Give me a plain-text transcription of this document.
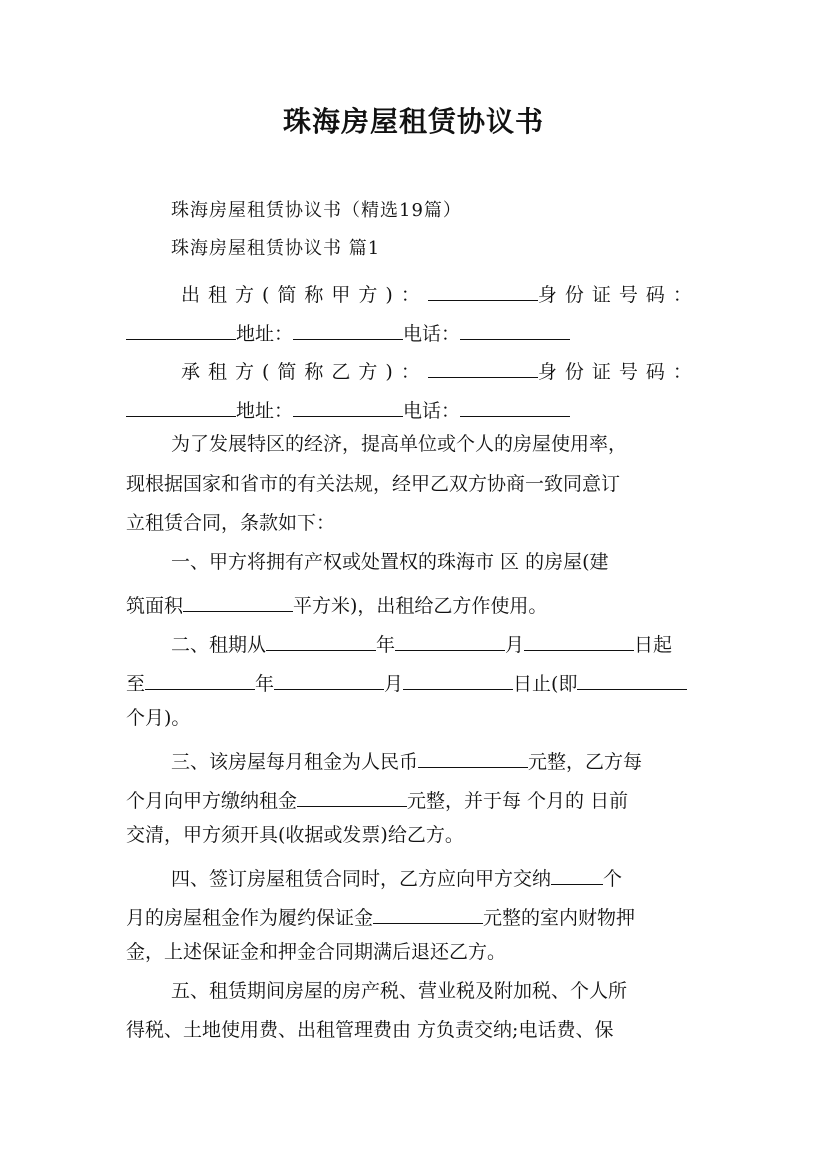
珠海房屋租赁协议书
珠海房屋租赁协议书（精选19篇）
珠海房屋租赁协议书 篇1
出租方(简称甲方)：	身份证号码：
地址：	电话：
承租方(简称乙方)：	身份证号码：
地址：	电话：
为了发展特区的经济，提高单位或个人的房屋使用率，
现根据国家和省市的有关法规，经甲乙双方协商一致同意订
立租赁合同，条款如下：
一、甲方将拥有产权或处置权的珠海市 区 的房屋(建
筑面积	平方米)，出租给乙方作使用。
二、租期从	年	月	日起
至	年	月	日止(即
个月)。
三、该房屋每月租金为人民币	元整，乙方每
个月向甲方缴纳租金	元整，并于每 个月的 日前
交清，甲方须开具(收据或发票)给乙方。
四、签订房屋租赁合同时，乙方应向甲方交纳	个
月的房屋租金作为履约保证金	元整的室内财物押
金，上述保证金和押金合同期满后退还乙方。
五、租赁期间房屋的房产税、营业税及附加税、个人所
得税、土地使用费、出租管理费由 方负责交纳;电话费、保
